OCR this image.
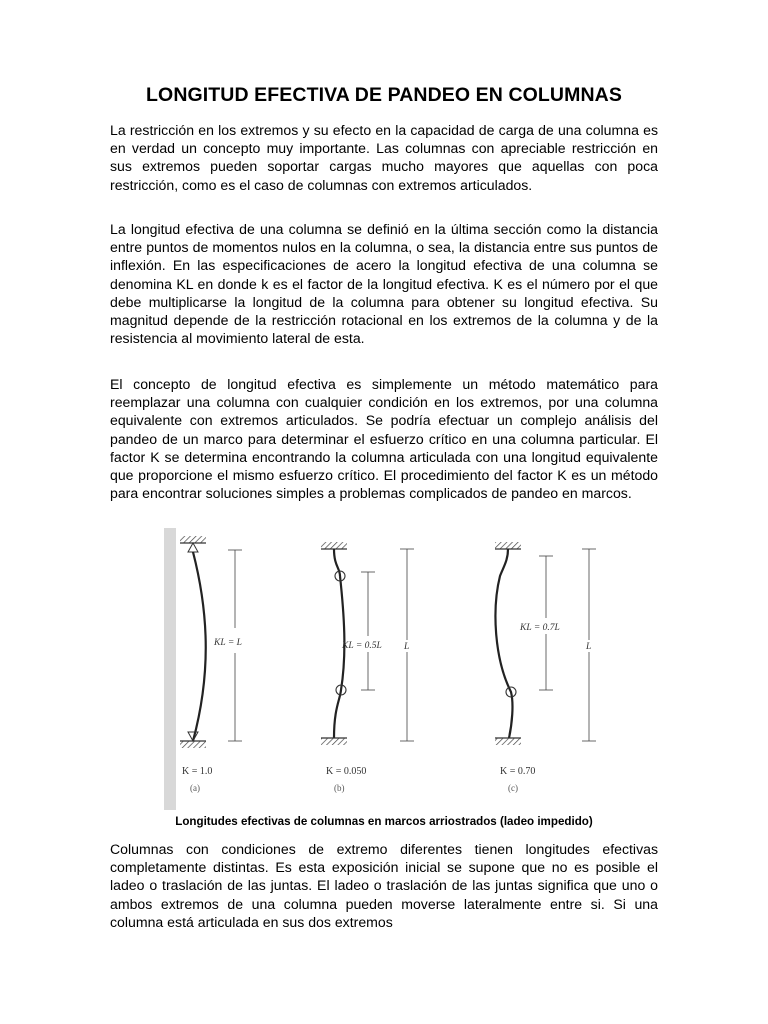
LONGITUD EFECTIVA DE PANDEO EN COLUMNAS

La restricción en los extremos y su efecto en la capacidad de carga de una columna es en verdad un concepto muy importante. Las columnas con apreciable restricción en sus extremos pueden soportar cargas mucho mayores que aquellas con poca restricción, como es el caso de columnas con extremos articulados.

La longitud efectiva de una columna se definió en la última sección como la distancia entre puntos de momentos nulos en la columna, o sea, la distancia entre sus puntos de inflexión. En las especificaciones de acero la longitud efectiva de una columna se denomina KL en donde k es el factor de la longitud efectiva. K es el número por el que debe multiplicarse la longitud de la columna para obtener su longitud efectiva. Su magnitud depende de la restricción rotacional en los extremos de la columna y de la resistencia al movimiento lateral de esta.

El concepto de longitud efectiva es simplemente un método matemático para reemplazar una columna con cualquier condición en los extremos, por una columna equivalente con extremos articulados. Se podría efectuar un complejo análisis del pandeo de un marco para determinar el esfuerzo crítico en una columna particular. El factor K se determina encontrando la columna articulada con una longitud equivalente que proporcione el mismo esfuerzo crítico. El procedimiento del factor K es un método para encontrar soluciones simples a problemas complicados de pandeo en marcos.

KL = L
K = 1.0
(a)
KL = 0.5L L
K = 0.050
(b)
KL = 0.7L
L
K = 0.70
(c)
Longitudes efectivas de columnas en marcos arriostrados (ladeo impedido)

Columnas con condiciones de extremo diferentes tienen longitudes efectivas completamente distintas. Es esta exposición inicial se supone que no es posible el ladeo o traslación de las juntas. El ladeo o traslación de las juntas significa que uno o ambos extremos de una columna pueden moverse lateralmente entre si. Si una columna está articulada en sus dos extremos
